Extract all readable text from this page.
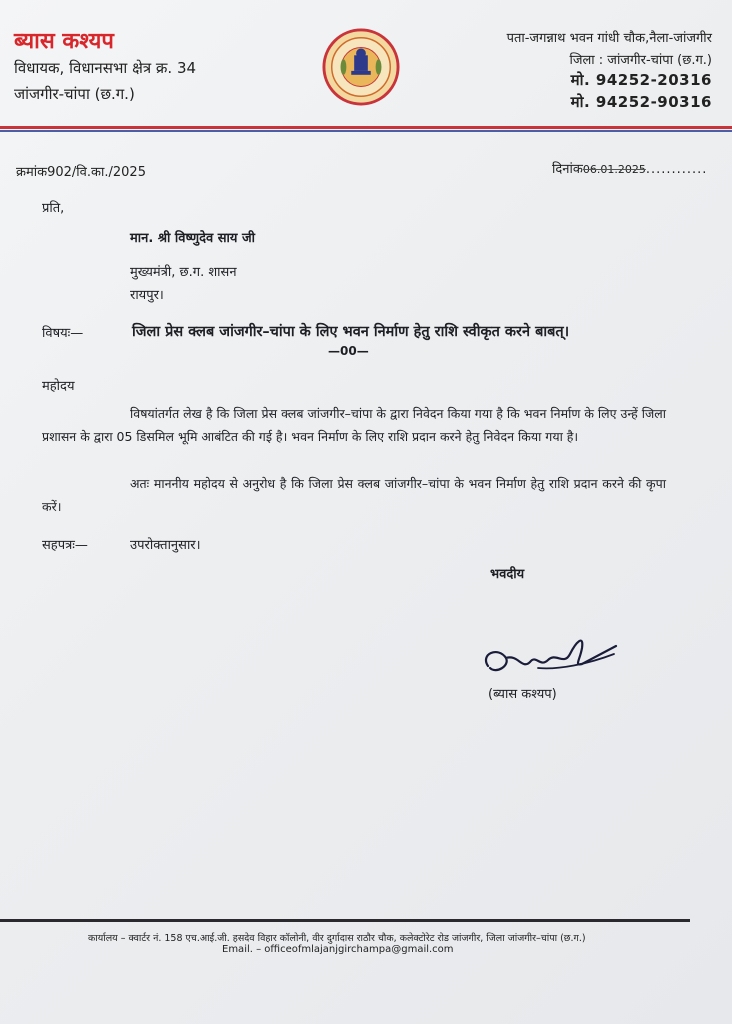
ब्यास कश्यप
विधायक, विधानसभा क्षेत्र क्र. 34
जांजगीर-चांपा (छ.ग.)
पता-जगन्नाथ भवन गांधी चौक,नैला-जांजगीर
जिला : जांजगीर-चांपा (छ.ग.)
मो. 94252-20316
मो. 94252-90316
क्रमांक902/वि.का./2025	दिनांक06.01.2025............
प्रति,
मान. श्री विष्णुदेव साय जी
मुख्यमंत्री, छ.ग. शासन
रायपुर।
विषयः—	जिला प्रेस क्लब जांजगीर–चांपा के लिए भवन निर्माण हेतु राशि स्वीकृत करने बाबत्।
—00—
महोदय
विषयांतर्गत लेख है कि जिला प्रेस क्लब जांजगीर–चांपा के द्वारा निवेदन किया गया है कि भवन निर्माण के लिए उन्हें जिला प्रशासन के द्वारा 05 डिसमिल भूमि आबंटित की गई है। भवन निर्माण के लिए राशि प्रदान करने हेतु निवेदन किया गया है।
अतः माननीय महोदय से अनुरोध है कि जिला प्रेस क्लब जांजगीर–चांपा के भवन निर्माण हेतु राशि प्रदान करने की कृपा करें।
सहपत्रः—	उपरोक्तानुसार।
भवदीय
(ब्यास कश्यप)
कार्यालय – क्वार्टर नं. 158 एच.आई.जी. हसदेव विहार कॉलोनी, वीर दुर्गादास राठौर चौक, कलेक्टोरेट रोड जांजगीर, जिला जांजगीर–चांपा (छ.ग.)
Email. – officeofmlajanjgirchampa@gmail.com
